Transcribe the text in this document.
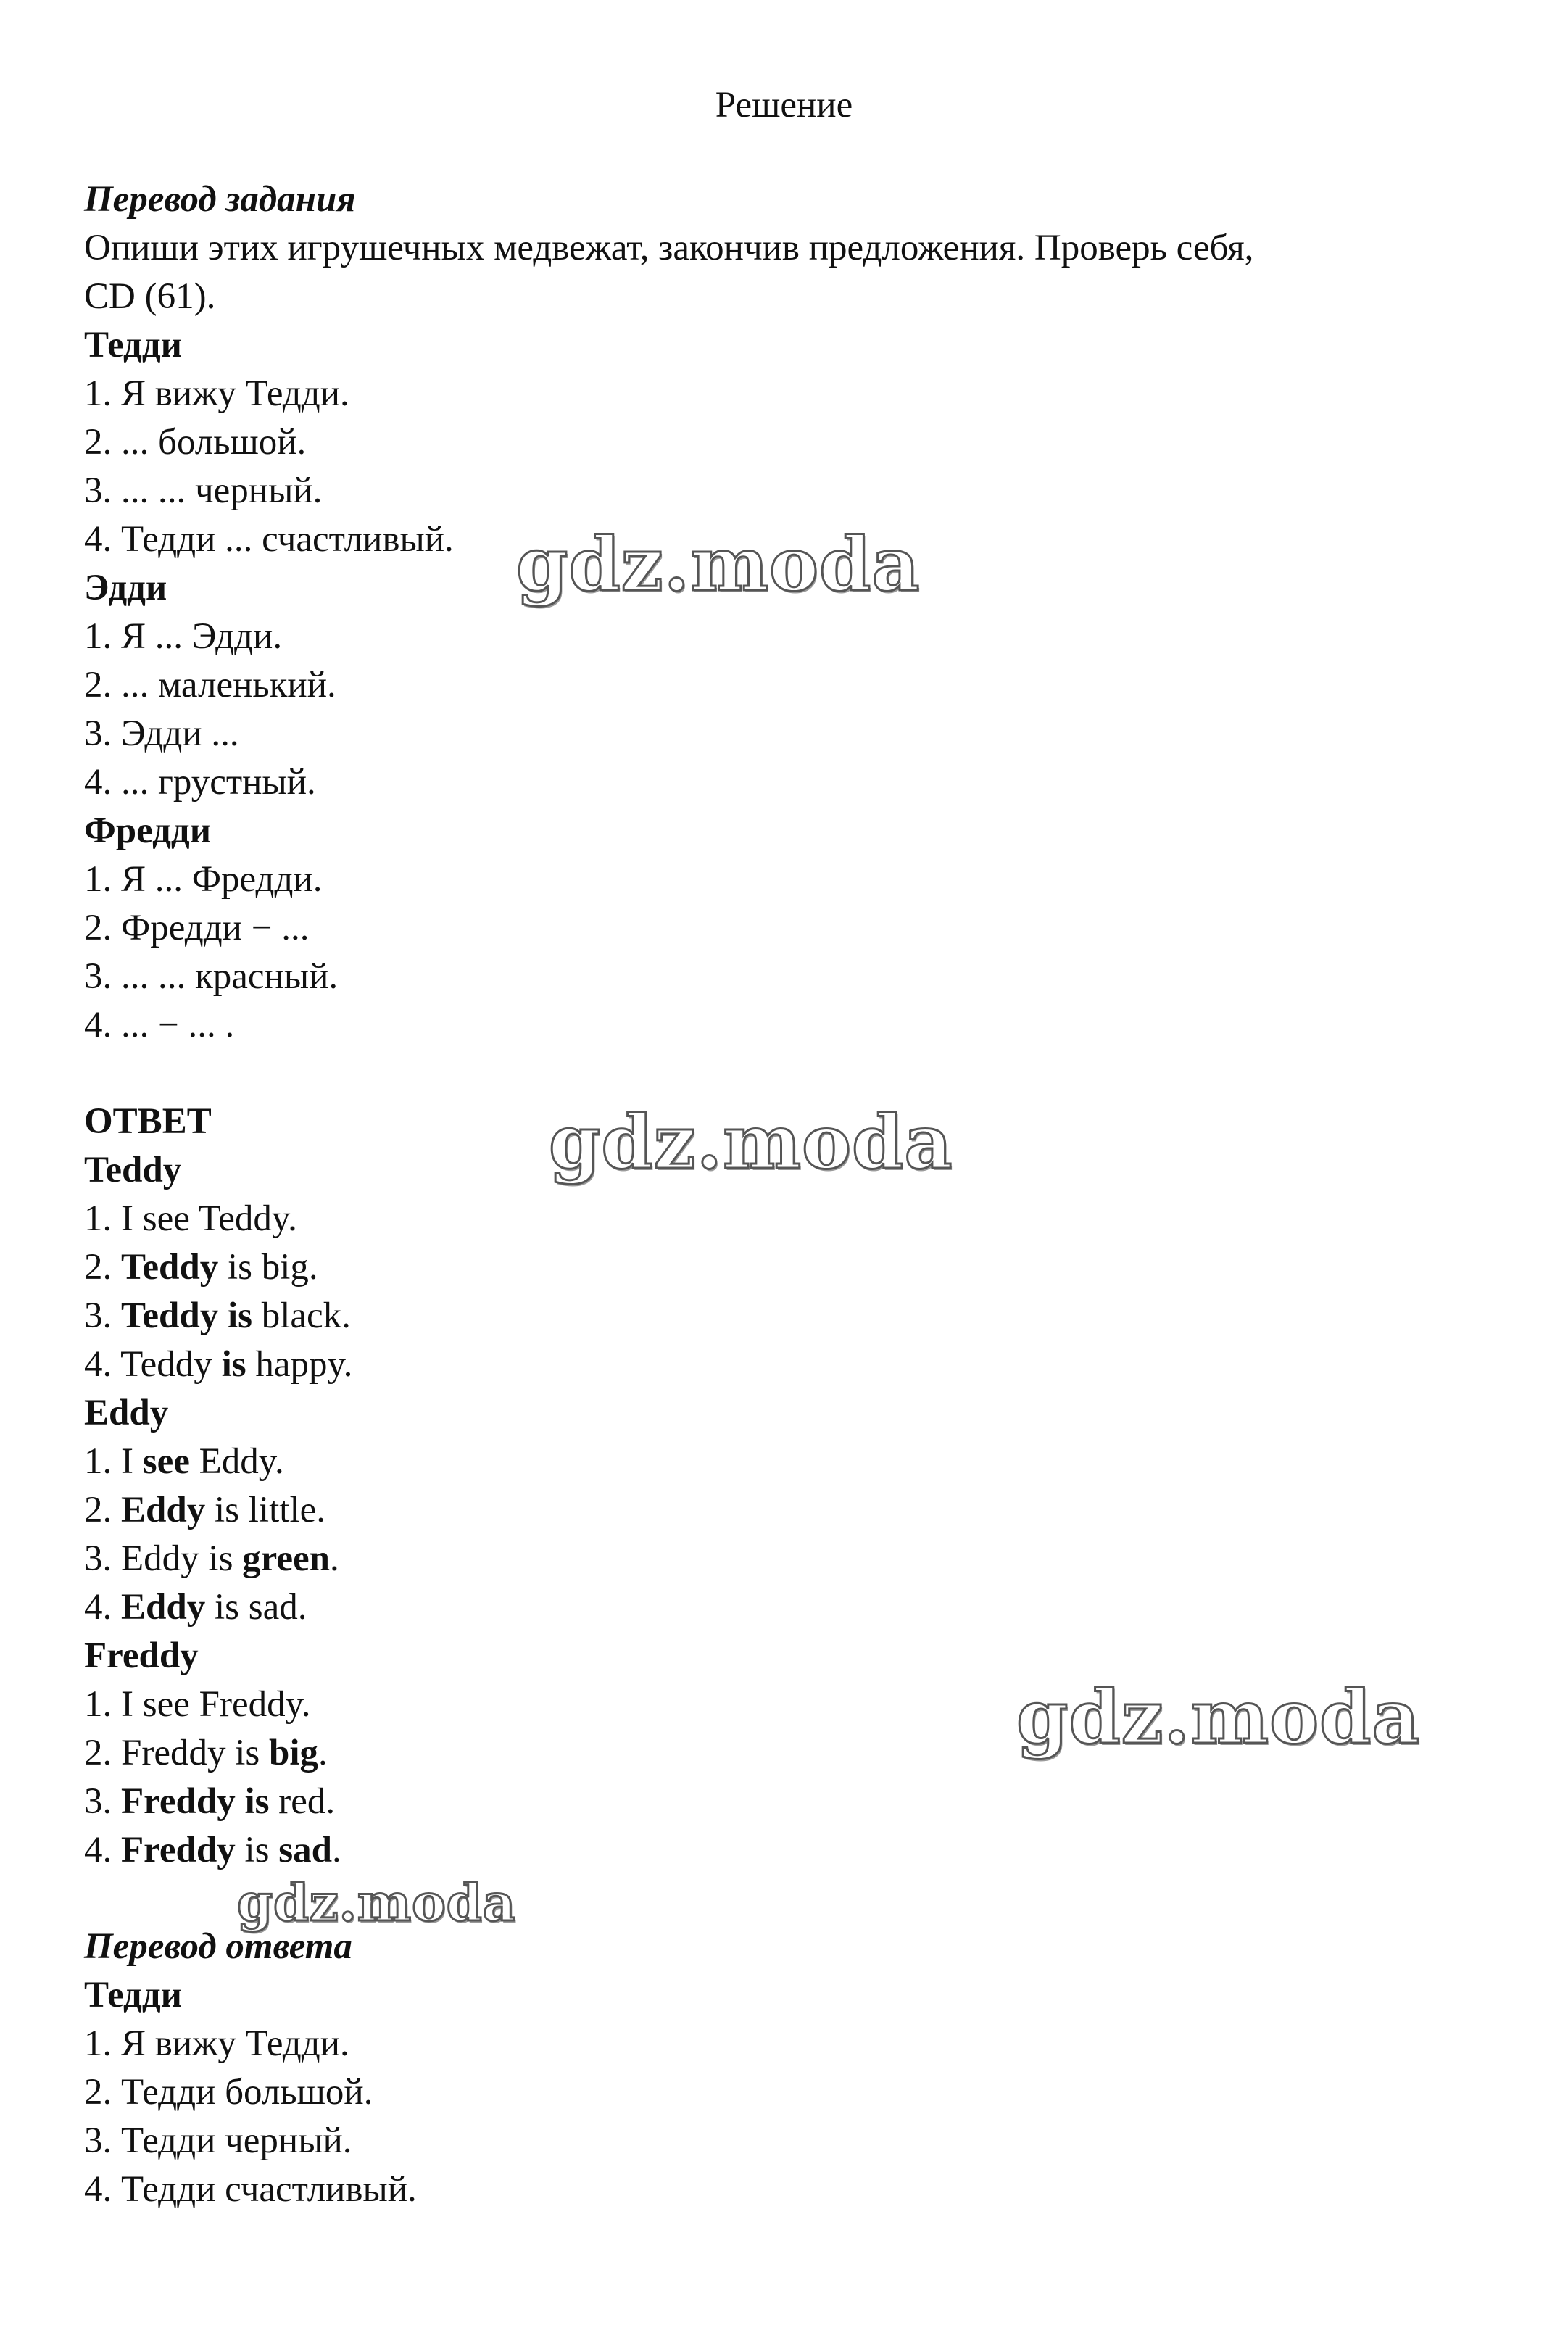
Решение

Перевод задания

Опиши этих игрушечных медвежат, закончив предложения. Проверь себя,

CD (61).

Тедди

1. Я вижу Тедди.

2. ... большой.

3. ... ... черный.

4. Тедди ... счастливый.

Эдди

1. Я ... Эдди.

2. ... маленький.

3. Эдди ...

4. ... грустный.

Фредди

1. Я ... Фредди.

2. Фредди − ...

3. ... ... красный.

4. ... − ... .

ОТВЕТ

Teddy

1. I see Teddy.

2. Teddy is big.

3. Teddy is black.

4. Teddy is happy.

Eddy

1. I see Eddy.

2. Eddy is little.

3. Eddy is green.

4. Eddy is sad.

Freddy

1. I see Freddy.

2. Freddy is big.

3. Freddy is red.

4. Freddy is sad.

Перевод ответа

Тедди

1. Я вижу Тедди.

2. Тедди большой.

3. Тедди черный.

4. Тедди счастливый.

gdz.moda
gdz.moda
gdz.moda
gdz.moda
